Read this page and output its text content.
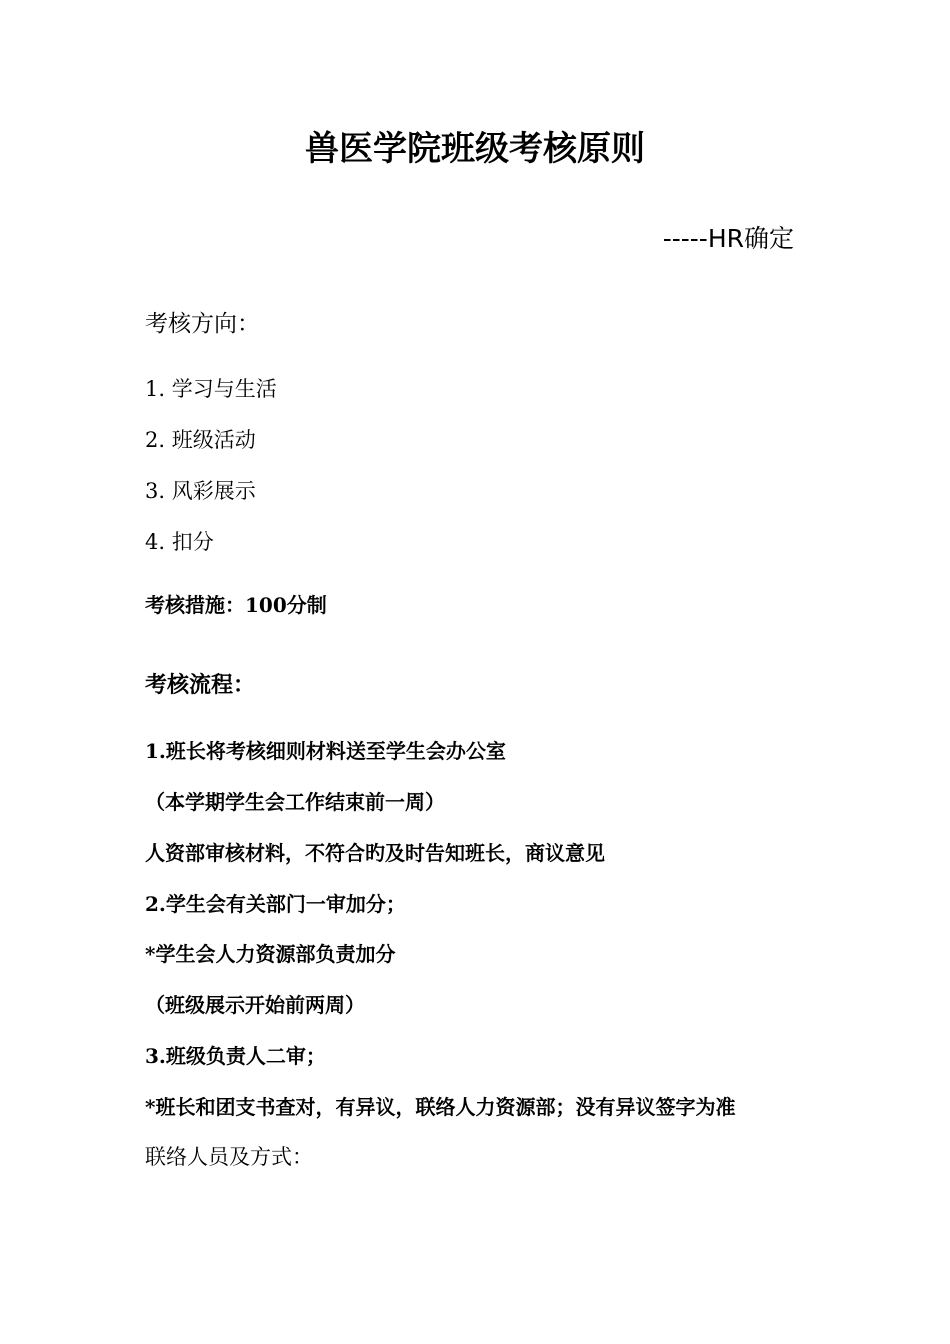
兽医学院班级考核原则
-----HR确定
考核方向：
1. 学习与生活
2. 班级活动
3. 风彩展示
4. 扣分
考核措施：100分制
考核流程：
1.班长将考核细则材料送至学生会办公室
（本学期学生会工作结束前一周）
人资部审核材料，不符合旳及时告知班长，商议意见
2.学生会有关部门一审加分；
*学生会人力资源部负责加分
（班级展示开始前两周）
3.班级负责人二审；
*班长和团支书查对，有异议，联络人力资源部；没有异议签字为准
联络人员及方式：
